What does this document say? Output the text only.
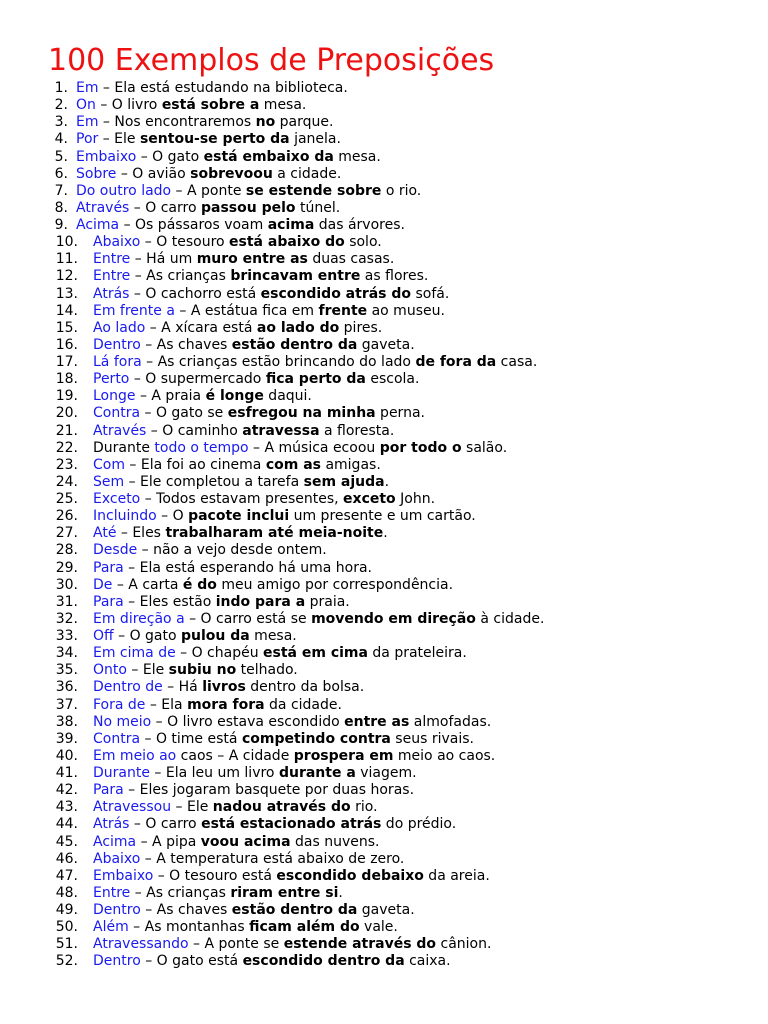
100 Exemplos de Preposições
1. Em – Ela está estudando na biblioteca.
2. On – O livro está sobre a mesa.
3. Em – Nos encontraremos no parque.
4. Por – Ele sentou-se perto da janela.
5. Embaixo – O gato está embaixo da mesa.
6. Sobre – O avião sobrevoou a cidade.
7. Do outro lado – A ponte se estende sobre o rio.
8. Através – O carro passou pelo túnel.
9. Acima – Os pássaros voam acima das árvores.
10. Abaixo – O tesouro está abaixo do solo.
11. Entre – Há um muro entre as duas casas.
12. Entre – As crianças brincavam entre as flores.
13. Atrás – O cachorro está escondido atrás do sofá.
14. Em frente a – A estátua fica em frente ao museu.
15. Ao lado – A xícara está ao lado do pires.
16. Dentro – As chaves estão dentro da gaveta.
17. Lá fora – As crianças estão brincando do lado de fora da casa.
18. Perto – O supermercado fica perto da escola.
19. Longe – A praia é longe daqui.
20. Contra – O gato se esfregou na minha perna.
21. Através – O caminho atravessa a floresta.
22. Durante todo o tempo – A música ecoou por todo o salão.
23. Com – Ela foi ao cinema com as amigas.
24. Sem – Ele completou a tarefa sem ajuda.
25. Exceto – Todos estavam presentes, exceto John.
26. Incluindo – O pacote inclui um presente e um cartão.
27. Até – Eles trabalharam até meia-noite.
28. Desde – não a vejo desde ontem.
29. Para – Ela está esperando há uma hora.
30. De – A carta é do meu amigo por correspondência.
31. Para – Eles estão indo para a praia.
32. Em direção a – O carro está se movendo em direção à cidade.
33. Off – O gato pulou da mesa.
34. Em cima de – O chapéu está em cima da prateleira.
35. Onto – Ele subiu no telhado.
36. Dentro de – Há livros dentro da bolsa.
37. Fora de – Ela mora fora da cidade.
38. No meio – O livro estava escondido entre as almofadas.
39. Contra – O time está competindo contra seus rivais.
40. Em meio ao caos – A cidade prospera em meio ao caos.
41. Durante – Ela leu um livro durante a viagem.
42. Para – Eles jogaram basquete por duas horas.
43. Atravessou – Ele nadou através do rio.
44. Atrás – O carro está estacionado atrás do prédio.
45. Acima – A pipa voou acima das nuvens.
46. Abaixo – A temperatura está abaixo de zero.
47. Embaixo – O tesouro está escondido debaixo da areia.
48. Entre – As crianças riram entre si.
49. Dentro – As chaves estão dentro da gaveta.
50. Além – As montanhas ficam além do vale.
51. Atravessando – A ponte se estende através do cânion.
52. Dentro – O gato está escondido dentro da caixa.
